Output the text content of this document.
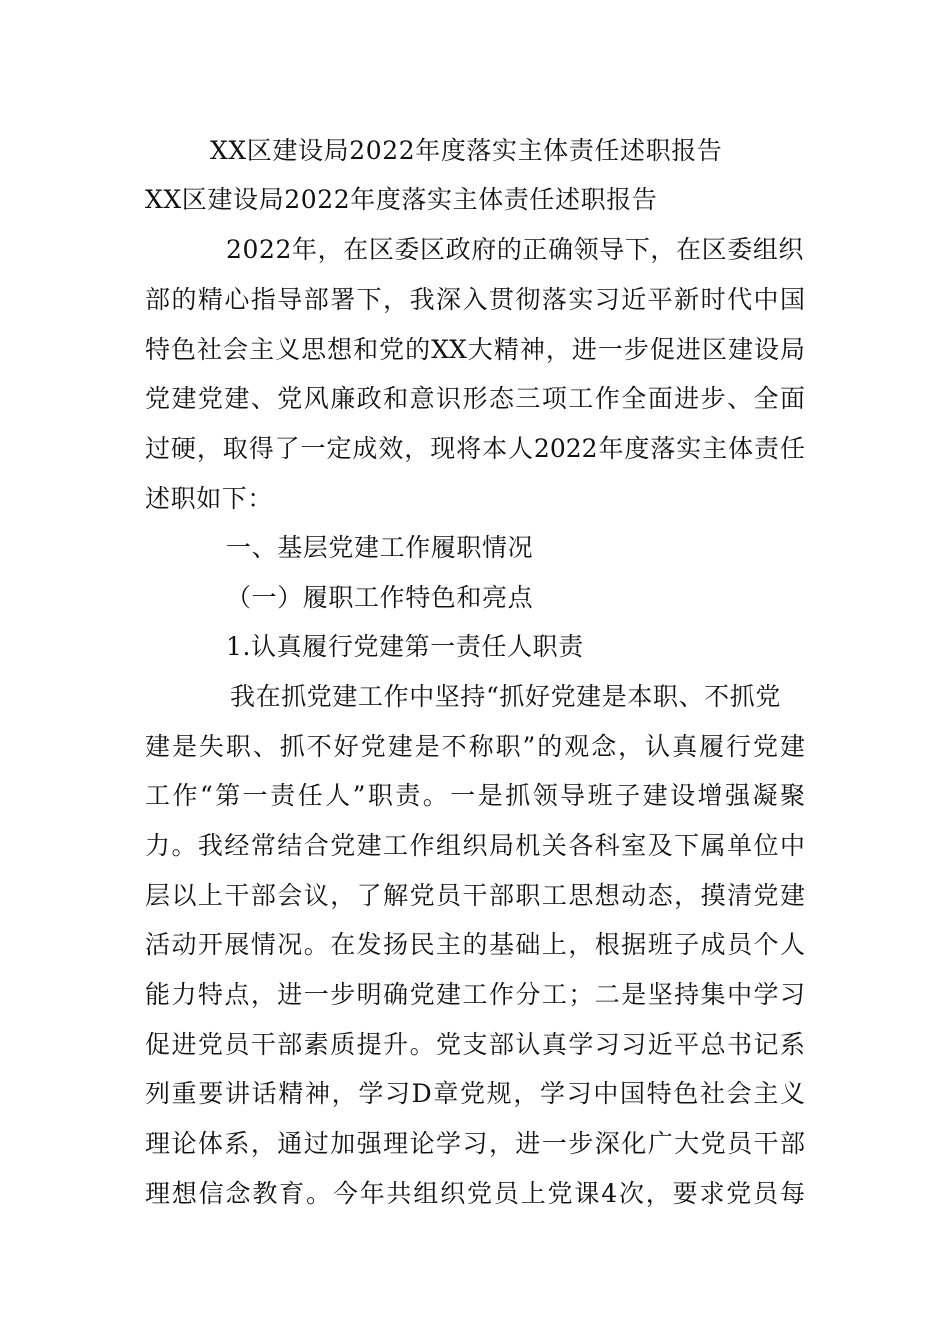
XX区建设局2022年度落实主体责任述职报告

XX区建设局2022年度落实主体责任述职报告

2022年，在区委区政府的正确领导下，在区委组织

部的精心指导部署下，我深入贯彻落实习近平新时代中国

特色社会主义思想和党的XX大精神，进一步促进区建设局

党建党建、党风廉政和意识形态三项工作全面进步、全面

过硬，取得了一定成效，现将本人2022年度落实主体责任

述职如下：

一、基层党建工作履职情况

（一）履职工作特色和亮点

1.认真履行党建第一责任人职责

我在抓党建工作中坚持“抓好党建是本职、不抓党

建是失职、抓不好党建是不称职”的观念，认真履行党建

工作“第一责任人”职责。一是抓领导班子建设增强凝聚

力。我经常结合党建工作组织局机关各科室及下属单位中

层以上干部会议，了解党员干部职工思想动态，摸清党建

活动开展情况。在发扬民主的基础上，根据班子成员个人

能力特点，进一步明确党建工作分工；二是坚持集中学习

促进党员干部素质提升。党支部认真学习习近平总书记系

列重要讲话精神，学习D章党规，学习中国特色社会主义

理论体系，通过加强理论学习，进一步深化广大党员干部

理想信念教育。今年共组织党员上党课4次，要求党员每
